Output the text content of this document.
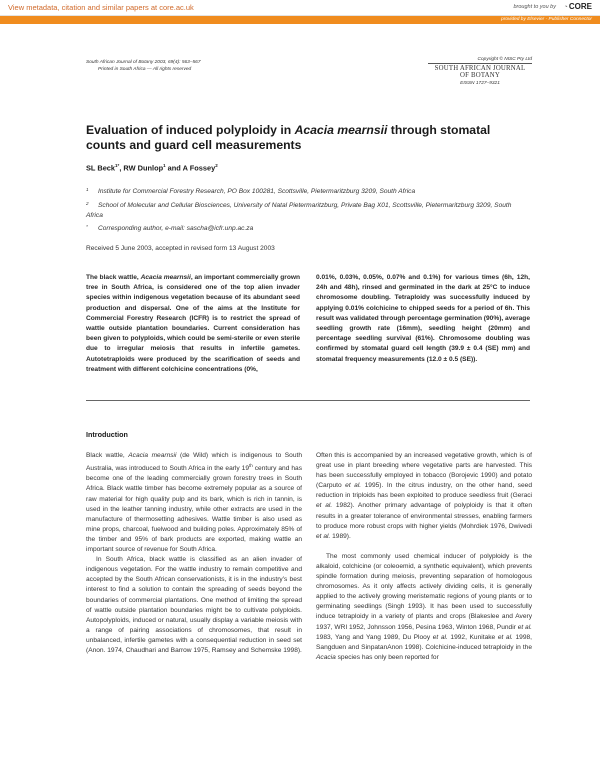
View metadata, citation and similar papers at core.ac.uk	brought to you by ◔CORE
provided by Elsevier - Publisher Connector
South African Journal of Botany 2003, 69(4): 563–567
Printed in South Africa — All rights reserved
Copyright © NISC Pty Ltd
SOUTH AFRICAN JOURNAL
OF BOTANY
EISSN 1727–9321
Evaluation of induced polyploidy in Acacia mearnsii through stomatal counts and guard cell measurements
SL Beck$^{1*}$, RW Dunlop$^1$ and A Fossey$^2$
1 Institute for Commercial Forestry Research, PO Box 100281, Scottsville, Pietermaritzburg 3209, South Africa
2 School of Molecular and Cellular Biosciences, University of Natal Pietermaritzburg, Private Bag X01, Scottsville, Pietermaritzburg 3209, South Africa
* Corresponding author, e-mail: sascha@icfr.unp.ac.za
Received 5 June 2003, accepted in revised form 13 August 2003
The black wattle, Acacia mearnsii, an important commercially grown tree in South Africa, is considered one of the top alien invader species within indigenous vegetation because of its abundant seed production and dispersal. One of the aims at the Institute for Commercial Forestry Research (ICFR) is to restrict the spread of wattle outside plantation boundaries. Current consideration has been given to polyploids, which could be semi-sterile or even sterile due to irregular meiosis that results in infertile gametes. Autotetraploids were produced by the scarification of seeds and treatment with different colchicine concentrations (0%,
0.01%, 0.03%, 0.05%, 0.07% and 0.1%) for various times (6h, 12h, 24h and 48h), rinsed and germinated in the dark at 25°C to induce chromosome doubling. Tetraploidy was successfully induced by applying 0.01% colchicine to chipped seeds for a period of 6h. This result was validated through percentage germination (90%), average seedling growth rate (16mm), seedling height (20mm) and percentage seedling survival (61%). Chromosome doubling was confirmed by stomatal guard cell length (39.9 ± 0.4 (SE) mm) and stomatal frequency measurements (12.0 ± 0.5 (SE)).
Introduction

Black wattle, Acacia mearnsii (de Wild) which is indigenous to South Australia, was introduced to South Africa in the early 19th century and has become one of the leading commercially grown forestry trees in South Africa. Black wattle timber has become extremely popular as a source of raw material for high quality pulp and its bark, which is rich in tannin, is used in the leather tanning industry, while other extracts are used in the manufacture of thermosetting adhesives. Wattle timber is also used as mine props, charcoal, fuelwood and building poles. Approximately 85% of the timber and 95% of bark products are exported, making wattle an important source of revenue for South Africa.

In South Africa, black wattle is classified as an alien invader of indigenous vegetation. For the wattle industry to remain competitive and accepted by the South African conservationists, it is in the industry’s best interest to find a solution to contain the spreading of seeds beyond the boundaries of commercial plantations. One method of limiting the spread of wattle outside plantation boundaries might be to cultivate polyploids. Autopolyploids, induced or natural, usually display a variable meiosis with a range of pairing associations of chromosomes, that result in unbalanced, infertile gametes with a consequential reduction in seed set (Anon. 1974, Chaudhari and Barrow 1975, Ramsey and Schemske 1998).

Often this is accompanied by an increased vegetative growth, which is of great use in plant breeding where vegetative parts are harvested. This has been successfully employed in tobacco (Borojevic 1990) and potato (Carputo et al. 1995). In the citrus industry, on the other hand, seed reduction in triploids has been exploited to produce seedless fruit (Geraci et al. 1982). Another primary advantage of polyploidy is that it often results in a greater tolerance of environmental stresses, enabling farmers to produce more robust crops with higher yields (Mohrdiek 1976, Dwivedi et al. 1989).

The most commonly used chemical inducer of polyploidy is the alkaloid, colchicine (or coleoemid, a synthetic equivalent), which prevents spindle formation during meiosis, preventing separation of homologous chromosomes. As it only affects actively dividing cells, it is generally applied to the actively growing meristematic regions of young plants or to germinating seedlings (Singh 1993). It has been used to successfully induce tetraploidy in a variety of plants and crops (Blakeslee and Avery 1937, WRI 1952, Johnsson 1956, Pesina 1963, Winton 1968, Pundir et al. 1983, Yang and Yang 1989, Du Plooy et al. 1992, Kunitake et al. 1998, Sangduen and SinpatanAnon 1998). Colchicine-induced tetraploidy in the Acacia species has only been reported for
